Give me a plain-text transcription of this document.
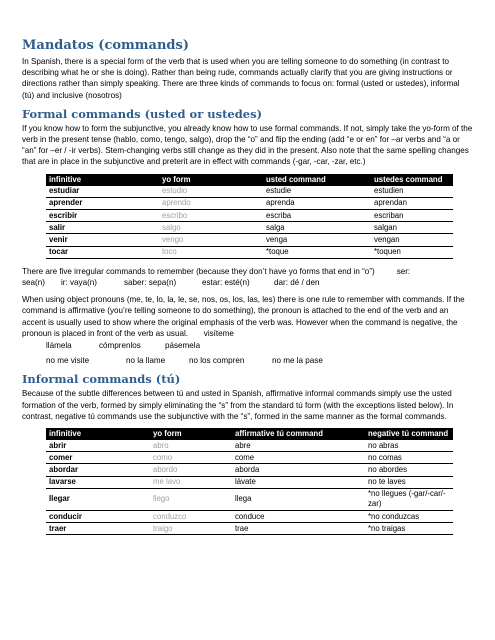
Mandatos (commands)

In Spanish, there is a special form of the verb that is used when you are telling someone to do something (in contrast to describing what he or she is doing). Rather than being rude, commands actually clarify that you are giving instructions or directions rather than simply speaking. There are three kinds of commands to focus on: formal (usted or ustedes), informal (tú) and inclusive (nosotros)

Formal commands (usted or ustedes)

If you know how to form the subjunctive, you already know how to use formal commands. If not, simply take the yo-form of the verb in the present tense (hablo, como, tengo, salgo), drop the “o” and flip the ending (add “e or en” for –ar verbs and “a or “an” for –er / -ir verbs). Stem-changing verbs still change as they did in the present. Also note that the same spelling changes that are in place in the subjunctive and preterit are in effect with commands (-gar, -car, -zar, etc.)

infinitive	yo form	usted command	ustedes command
estudiar	estudio	estudie	estudien
aprender	aprendo	aprenda	aprendan
escribir	escribo	escriba	escriban
salir	salgo	salga	salgan
venir	vengo	venga	vengan
tocar	toco	*toque	*toquen
There are five irregular commands to remember (because they don’t have yo forms that end in “o”)	ser:
sea(n) ir: vaya(n)	saber: sepa(n)	estar: esté(n)	dar: dé / den

When using object pronouns (me, te, lo, la, le, se, nos, os, los, las, les) there is one rule to remember with commands. If the command is affirmative (you’re telling someone to do something), the pronoun is attached to the end of the verb and an accent is usually used to show where the original emphasis of the verb was. However when the command is negative, the pronoun is placed in front of the verb as usual. visíteme

llámela	cómprenlos	pásemela
no me visite	no la llame	no los compren	no me la pase
Informal commands (tú)

Because of the subtle differences between tú and usted in Spanish, affirmative informal commands simply use the usted formation of the verb, formed by simply eliminating the “s” from the standard tú form (with the exceptions listed below). In contrast, negative tú commands use the subjunctive with the “s”, formed in the same manner as the formal commands.

infinitive	yo form	affirmative tú command	negative tú command
abrir	abro	abre	no abras
comer	como	come	no comas
abordar	abordo	aborda	no abordes
lavarse	me lavo	lávate	no te laves
llegar	llego	llega	*no llegues (-gar/-car/-zar)
conducir	conduzco	conduce	*no conduzcas
traer	traigo	trae	*no traigas
